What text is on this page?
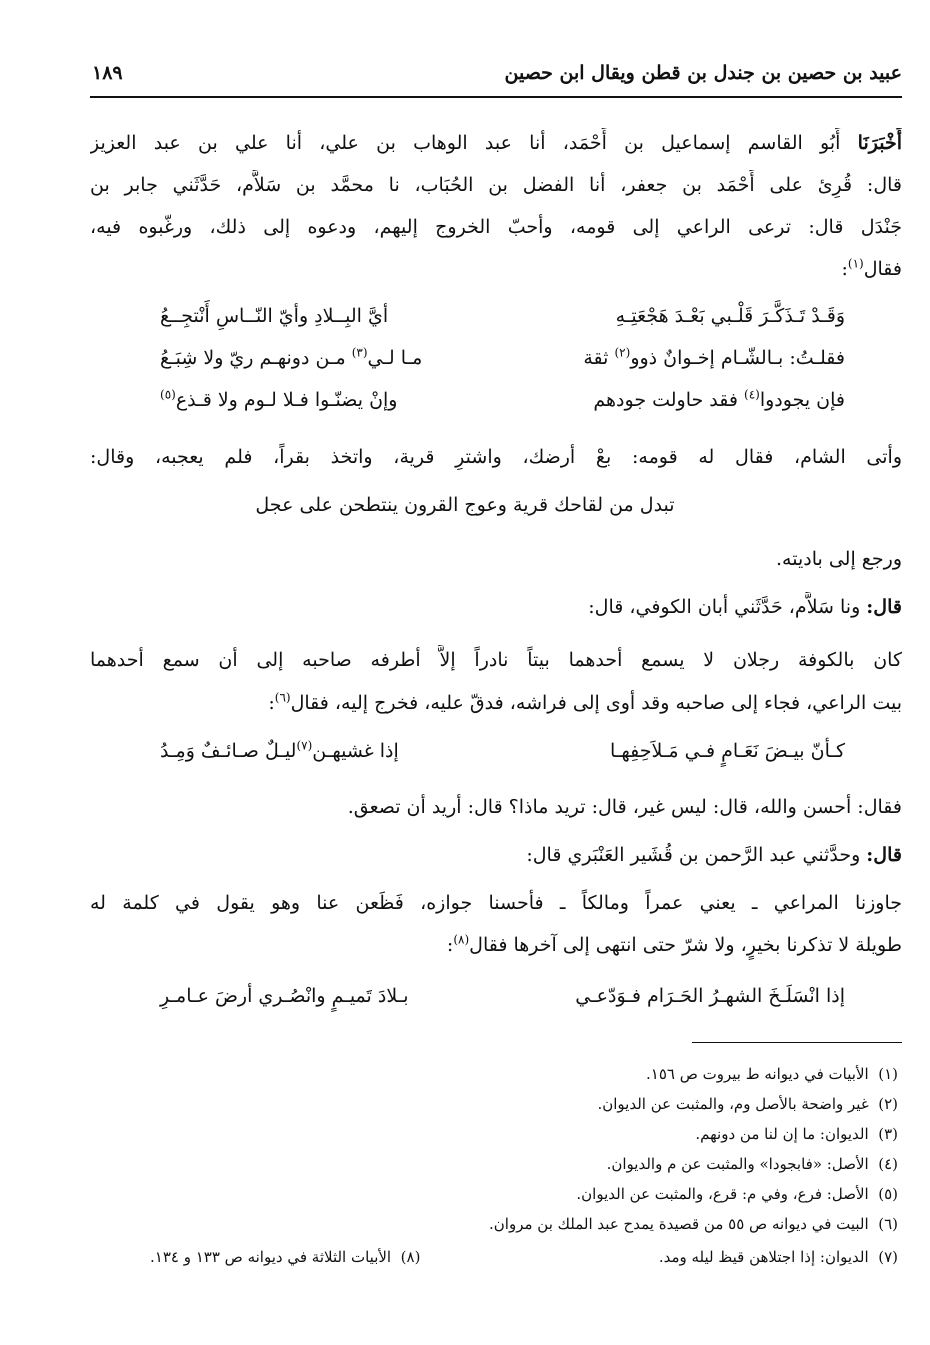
عبيد بن حصين بن جندل بن قطن ويقال ابن حصين
١٨٩
أَخْبَرَنَا أَبُو القاسم إسماعيل بن أَحْمَد، أنا عبد الوهاب بن علي، أنا علي بن عبد العزيز
قال: قُرِئ على أَحْمَد بن جعفر، أنا الفضل بن الحُبَاب، نا محمَّد بن سَلاَّم، حَدَّثَني جابر بن
جَنْدَل قال: ترعى الراعي إلى قومه، وأحبّ الخروج إليهم، ودعوه إلى ذلك، ورغّبوه فيه،
فقال$^{(١)}$:
وَقَـدْ تَـذَكَّـرَ قَلْـبي بَعْـدَ هَجْعَتِـهِ
أيَّ البِــلادِ وأيّ النّــاسِ أَنْتجِــعُ
فقلـتُ: بـالشّـام إخـوانٌ ذوو$^{(٢)}$ ثقة
مـا لـي$^{(٣)}$ مـن دونهـم ريّ ولا شِبَـعُ
فإن يجودوا$^{(٤)}$ فقد حاولت جودهم
وإنْ يضنّـوا فـلا لـوم ولا قـذع$^{(٥)}$
وأتى الشام، فقال له قومه: بعْ أرضك، واشترِ قرية، واتخذ بقراً، فلم يعجبه، وقال:
تبدل من لقاحك قرية وعوج القرون ينتطحن على عجل
ورجع إلى باديته.
قال: ونا سَلاَّم، حَدَّثَني أبان الكوفي، قال:
كان بالكوفة رجلان لا يسمع أحدهما بيتاً نادراً إلاَّ أطرفه صاحبه إلى أن سمع أحدهما
بيت الراعي، فجاء إلى صاحبه وقد أوى إلى فراشه، فدقّ عليه، فخرج إليه، فقال$^{(٦)}$:
كـأنّ بيـضَ نَعَـامٍ فـي مَـلاَحِفِهـا
إذا غشيهـن$^{(٧)}$ليـلٌ صـائـفٌ وَمِـدُ
فقال: أحسن والله، قال: ليس غير، قال: تريد ماذا؟ قال: أريد أن تصعق.
قال: وحدَّثني عبد الرَّحمن بن قُشَير العَنْبَري قال:
جاوزنا المراعي ـ يعني عمراً ومالكاً ـ فأحسنا جوازه، فَظَعن عنا وهو يقول في كلمة له
طويلة لا تذكرنا بخيرٍ، ولا شرّ حتى انتهى إلى آخرها فقال$^{(٨)}$:
إذا انْسَلَـخَ الشهـرُ الحَـرَام فـوَدّعـي
بـلادَ تَميـمٍ وانْصُـري أرضَ عـامـرِ
(١)  الأبيات في ديوانه ط بيروت ص ١٥٦.
(٢)  غير واضحة بالأصل وم، والمثبت عن الديوان.
(٣)  الديوان: ما إن لنا من دونهم.
(٤)  الأصل: «فابجودا» والمثبت عن م والديوان.
(٥)  الأصل: فرع، وفي م: قرع، والمثبت عن الديوان.
(٦)  البيت في ديوانه ص ٥٥ من قصيدة يمدح عبد الملك بن مروان.
(٧)  الديوان: إذا اجتلاهن قيظ ليله ومد.
(٨)  الأبيات الثلاثة في ديوانه ص ١٣٣ و ١٣٤.
